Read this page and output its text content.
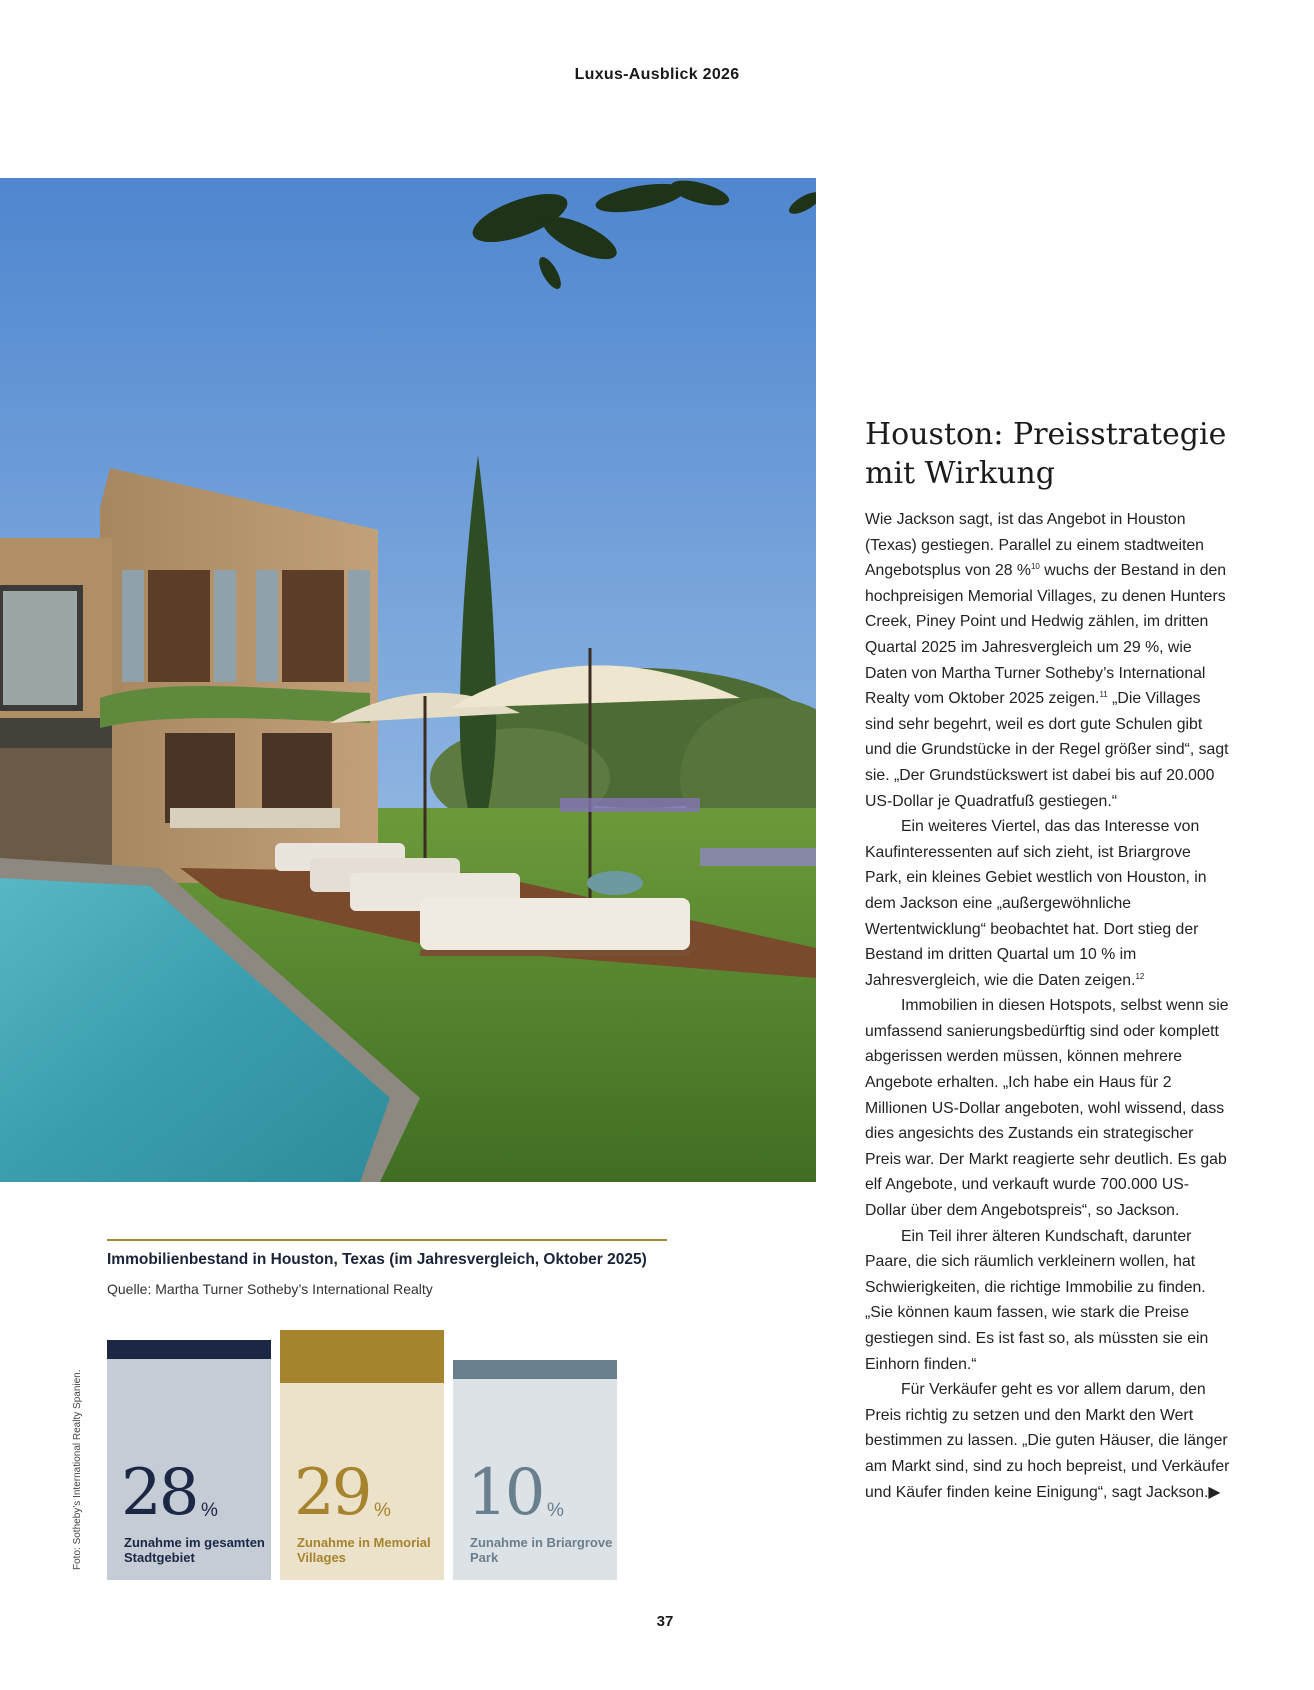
Luxus-Ausblick 2026
Houston: Preisstrategie mit Wirkung

Wie Jackson sagt, ist das Angebot in Houston (Texas) gestiegen. Parallel zu einem stadtweiten Angebotsplus von 28 %$^{10}$ wuchs der Bestand in den hochpreisigen Memorial Villages, zu denen Hunters Creek, Piney Point und Hedwig zählen, im dritten Quartal 2025 im Jahresvergleich um 29 %, wie Daten von Martha Turner Sotheby’s International Realty vom Oktober 2025 zeigen.$^{11}$ „Die Villages sind sehr begehrt, weil es dort gute Schulen gibt und die Grundstücke in der Regel größer sind“, sagt sie. „Der Grundstückswert ist dabei bis auf 20.000 US-Dollar je Quadratfuß gestiegen.“

Ein weiteres Viertel, das das Interesse von Kaufinteressenten auf sich zieht, ist Briargrove Park, ein kleines Gebiet westlich von Houston, in dem Jackson eine „außergewöhnliche Wertentwicklung“ beobachtet hat. Dort stieg der Bestand im dritten Quartal um 10 % im Jahresvergleich, wie die Daten zeigen.$^{12}$

Immobilien in diesen Hotspots, selbst wenn sie umfassend sanierungsbedürftig sind oder komplett abgerissen werden müssen, können mehrere Angebote erhalten. „Ich habe ein Haus für 2 Millionen US-Dollar angeboten, wohl wissend, dass dies angesichts des Zustands ein strategischer Preis war. Der Markt reagierte sehr deutlich. Es gab elf Angebote, und verkauft wurde 700.000 US-Dollar über dem Angebotspreis“, so Jackson.

Ein Teil ihrer älteren Kundschaft, darunter Paare, die sich räumlich verkleinern wollen, hat Schwierigkeiten, die richtige Immobilie zu finden. „Sie können kaum fassen, wie stark die Preise gestiegen sind. Es ist fast so, als müssten sie ein Einhorn finden.“

Für Verkäufer geht es vor allem darum, den Preis richtig zu setzen und den Markt den Wert bestimmen zu lassen. „Die guten Häuser, die länger am Markt sind, sind zu hoch bepreist, und Verkäufer und Käufer finden keine Einigung“, sagt Jackson.▶

Immobilienbestand in Houston, Texas (im Jahresvergleich, Oktober 2025)
Quelle: Martha Turner Sotheby’s International Realty
28 %
Zunahme im gesamten Stadtgebiet
29 %
Zunahme in Memorial Villages
10 %
Zunahme in Briargrove Park
Foto: Sotheby’s International Realty Spanien.
37
